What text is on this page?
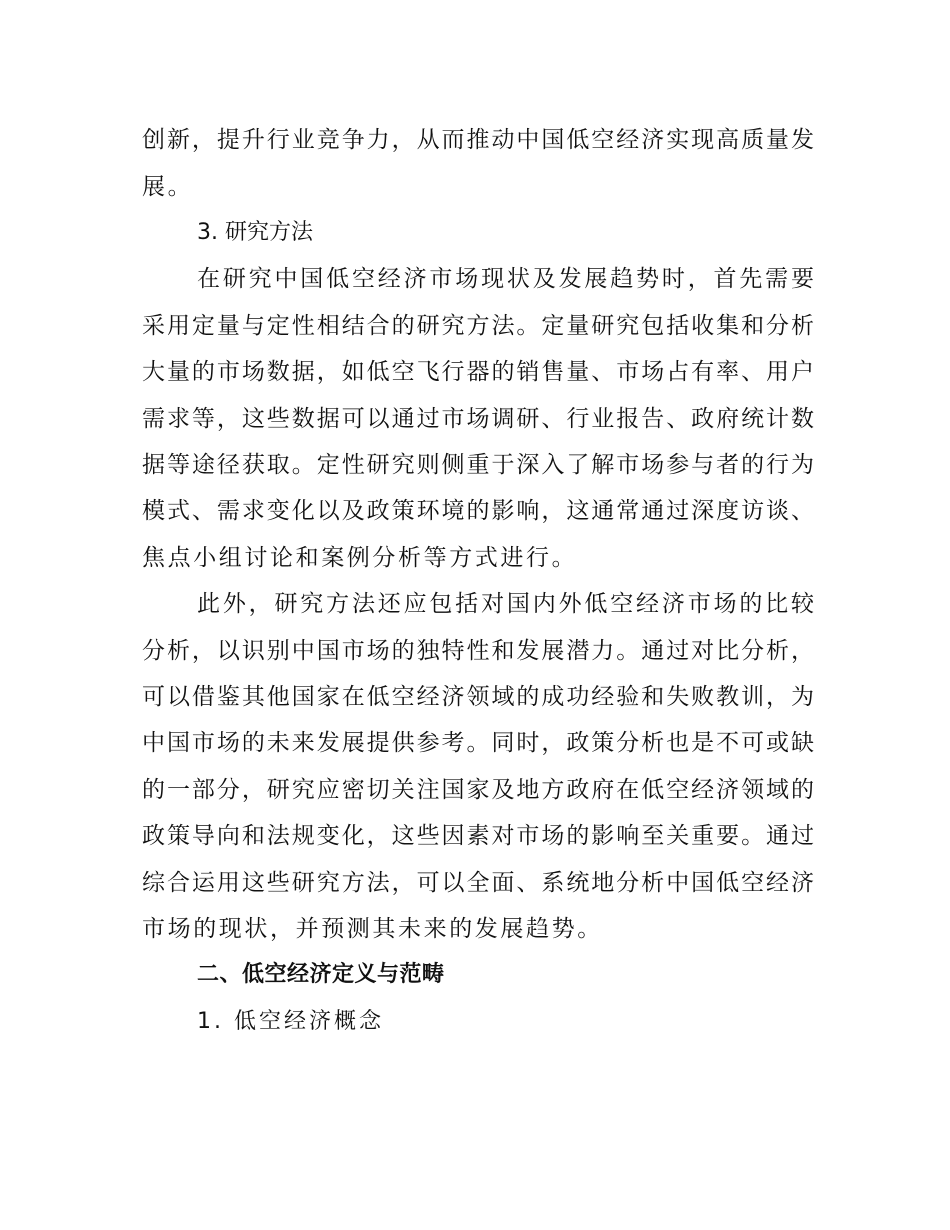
创新，提升行业竞争力，从而推动中国低空经济实现高质量发
展。
3. 研究方法
在研究中国低空经济市场现状及发展趋势时，首先需要
采用定量与定性相结合的研究方法。定量研究包括收集和分析
大量的市场数据，如低空飞行器的销售量、市场占有率、用户
需求等，这些数据可以通过市场调研、行业报告、政府统计数
据等途径获取。定性研究则侧重于深入了解市场参与者的行为
模式、需求变化以及政策环境的影响，这通常通过深度访谈、
焦点小组讨论和案例分析等方式进行。
此外，研究方法还应包括对国内外低空经济市场的比较
分析，以识别中国市场的独特性和发展潜力。通过对比分析，
可以借鉴其他国家在低空经济领域的成功经验和失败教训，为
中国市场的未来发展提供参考。同时，政策分析也是不可或缺
的一部分，研究应密切关注国家及地方政府在低空经济领域的
政策导向和法规变化，这些因素对市场的影响至关重要。通过
综合运用这些研究方法，可以全面、系统地分析中国低空经济
市场的现状，并预测其未来的发展趋势。
二、低空经济定义与范畴
1. 低空经济概念
